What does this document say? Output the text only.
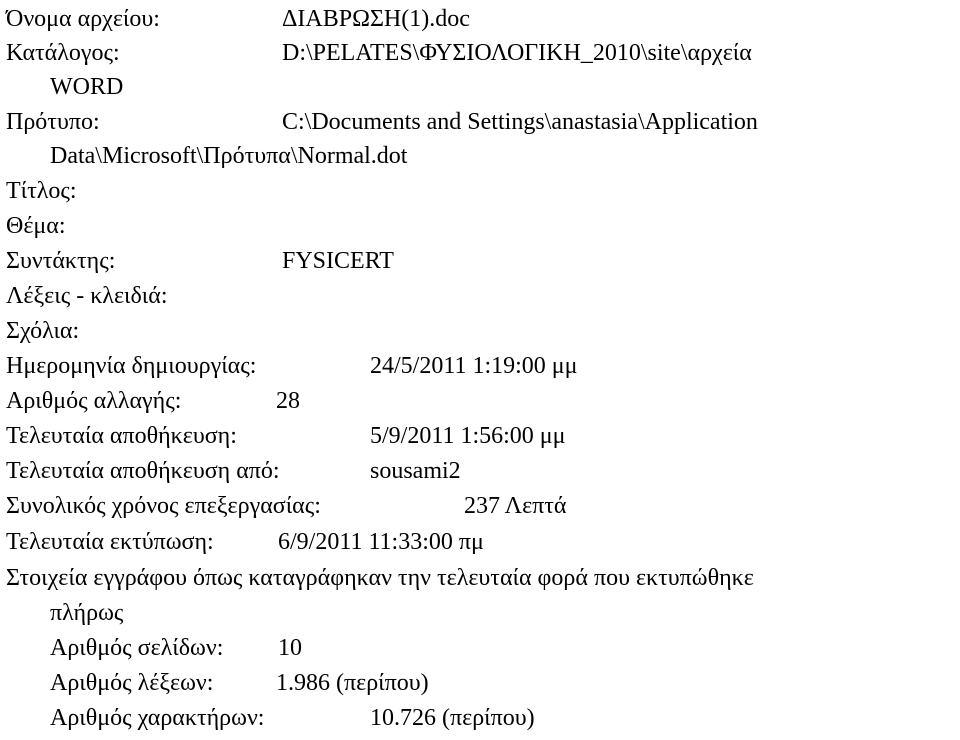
Όνομα αρχείου:	ΔΙΑΒΡΩΣΗ(1).doc
Κατάλογος:	D:\PELATES\ΦΥΣΙΟΛΟΓΙΚΗ_2010\site\αρχεία
WORD
Πρότυπο:	C:\Documents and Settings\anastasia\Application
Data\Microsoft\Πρότυπα\Normal.dot
Τίτλος:
Θέμα:
Συντάκτης:	FYSICERT
Λέξεις - κλειδιά:
Σχόλια:
Ημερομηνία δημιουργίας:	24/5/2011 1:19:00 μμ
Αριθμός αλλαγής:	28
Τελευταία αποθήκευση:	5/9/2011 1:56:00 μμ
Τελευταία αποθήκευση από:	sousami2
Συνολικός χρόνος επεξεργασίας:	237 Λεπτά
Τελευταία εκτύπωση:	6/9/2011 11:33:00 πμ
Στοιχεία εγγράφου όπως καταγράφηκαν την τελευταία φορά που εκτυπώθηκε
πλήρως
Αριθμός σελίδων: 10
Αριθμός λέξεων:	1.986 (περίπου)
Αριθμός χαρακτήρων:	10.726 (περίπου)
